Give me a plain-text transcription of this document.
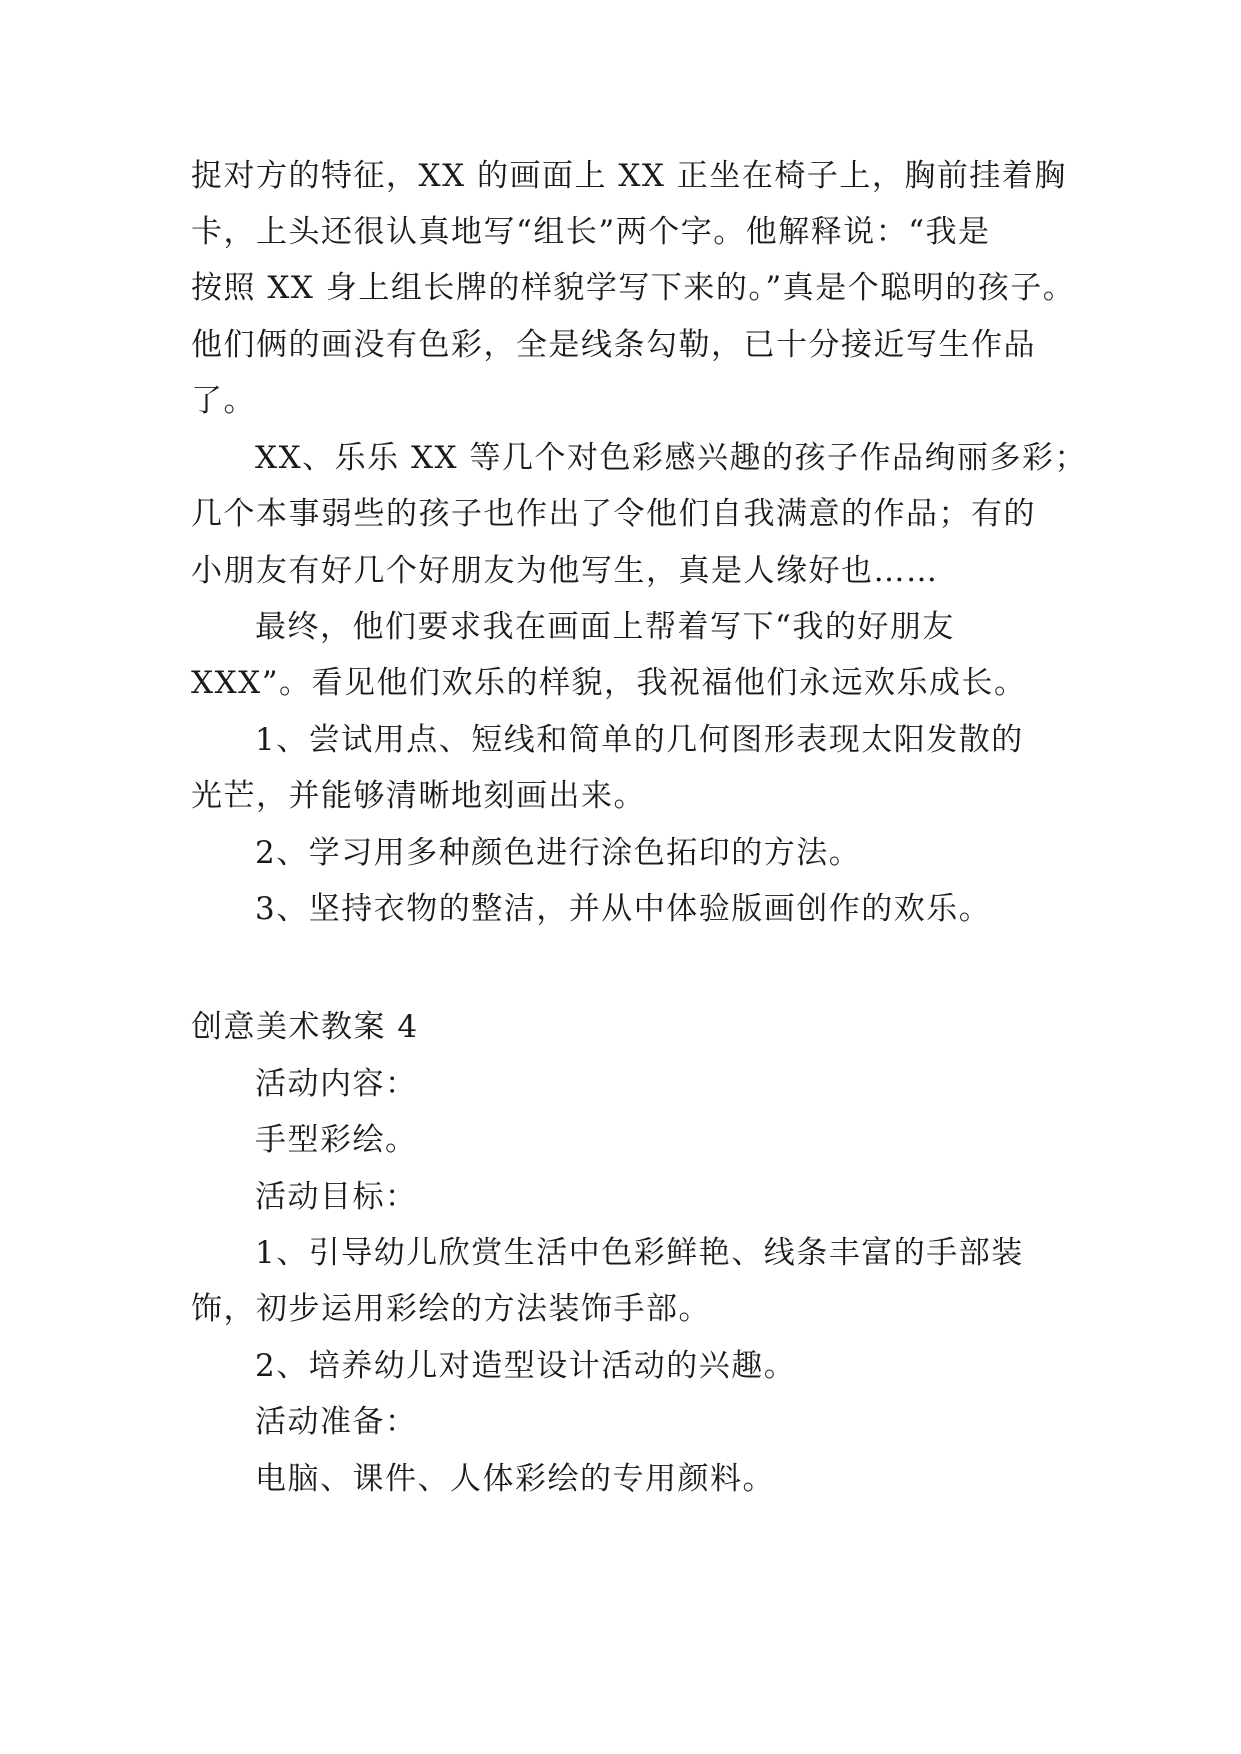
捉对方的特征，XX 的画面上 XX 正坐在椅子上，胸前挂着胸
卡，上头还很认真地写“组长”两个字。他解释说：“我是
按照 XX 身上组长牌的样貌学写下来的。”真是个聪明的孩子。
他们俩的画没有色彩，全是线条勾勒，已十分接近写生作品
了。
XX、乐乐 XX 等几个对色彩感兴趣的孩子作品绚丽多彩；
几个本事弱些的孩子也作出了令他们自我满意的作品；有的
小朋友有好几个好朋友为他写生，真是人缘好也……
最终，他们要求我在画面上帮着写下“我的好朋友
XXX”。看见他们欢乐的样貌，我祝福他们永远欢乐成长。
1、尝试用点、短线和简单的几何图形表现太阳发散的
光芒，并能够清晰地刻画出来。
2、学习用多种颜色进行涂色拓印的方法。
3、坚持衣物的整洁，并从中体验版画创作的欢乐。
创意美术教案 4
活动内容：
手型彩绘。
活动目标：
1、引导幼儿欣赏生活中色彩鲜艳、线条丰富的手部装
饰，初步运用彩绘的方法装饰手部。
2、培养幼儿对造型设计活动的兴趣。
活动准备：
电脑、课件、人体彩绘的专用颜料。
